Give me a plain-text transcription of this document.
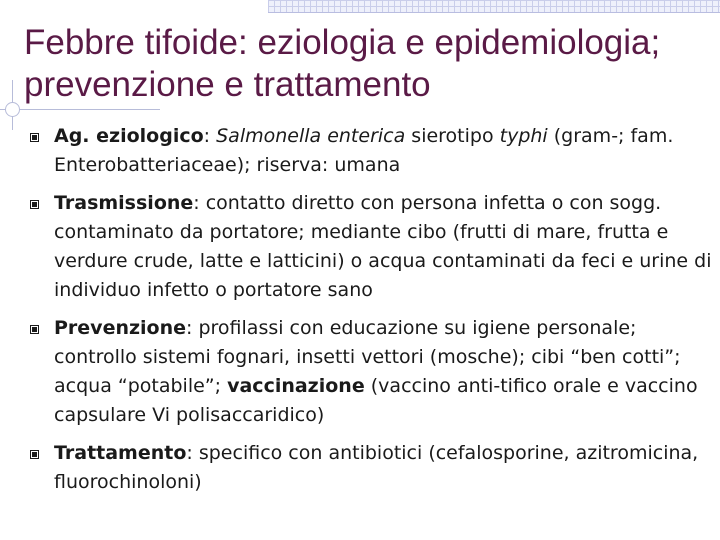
Febbre tifoide: eziologia e epidemiologia;
prevenzione e trattamento
Ag. eziologico: Salmonella enterica sierotipo typhi (gram-; fam. Enterobatteriaceae); riserva: umana
Trasmissione: contatto diretto con persona infetta o con sogg. contaminato da portatore; mediante cibo (frutti di mare, frutta e verdure crude, latte e latticini) o acqua contaminati da feci e urine di individuo infetto o portatore sano
Prevenzione: profilassi con educazione su igiene personale; controllo sistemi fognari, insetti vettori (mosche); cibi “ben cotti”; acqua “potabile”; vaccinazione (vaccino anti-tifico orale e vaccino capsulare Vi polisaccaridico)
Trattamento: specifico con antibiotici (cefalosporine, azitromicina, fluorochinoloni)
